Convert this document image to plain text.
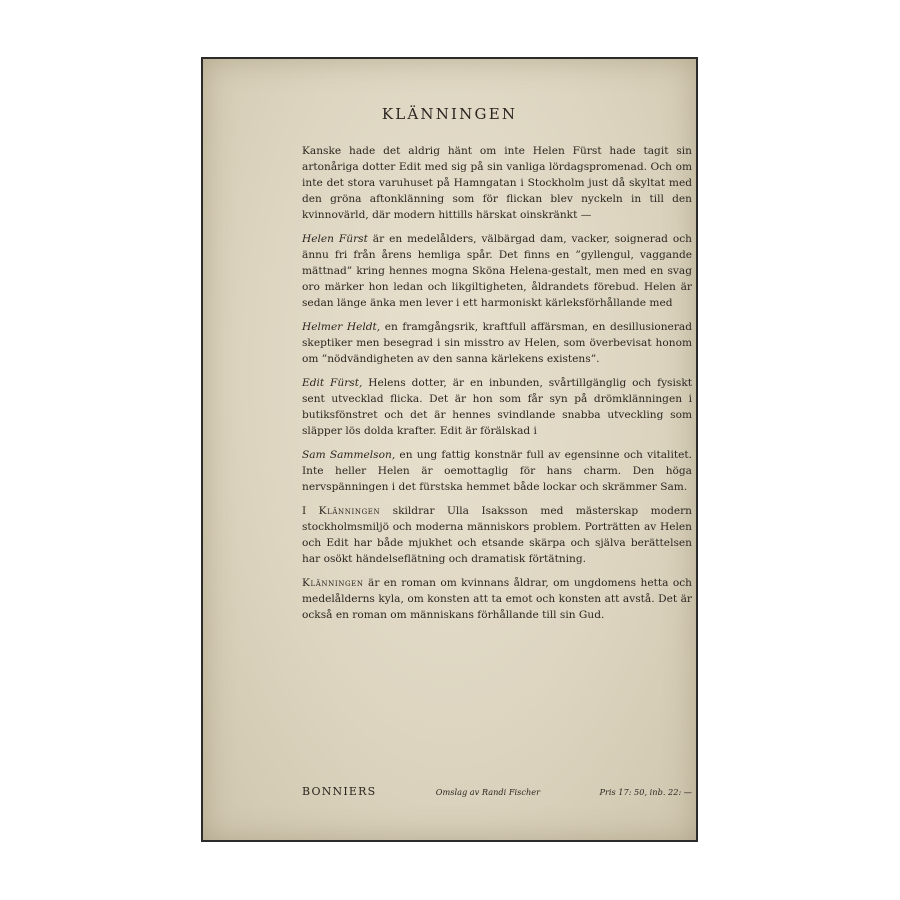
KLÄNNINGEN

Kanske hade det aldrig hänt om inte Helen Fürst hade tagit sin artonåriga dotter Edit med sig på sin vanliga lördagspromenad. Och om inte det stora varuhuset på Hamngatan i Stockholm just då skyltat med den gröna aftonklänning som för flickan blev nyckeln in till den kvinnovärld, där modern hittills härskat oinskränkt —

Helen Fürst är en medelålders, välbärgad dam, vacker, soignerad och ännu fri från årens hemliga spår. Det finns en ”gyllengul, vaggande mättnad” kring hennes mogna Sköna Helena-gestalt, men med en svag oro märker hon ledan och likgiltigheten, åldrandets förebud. Helen är sedan länge änka men lever i ett harmoniskt kärleksförhållande med

Helmer Heldt, en framgångsrik, kraftfull affärsman, en desillusionerad skeptiker men besegrad i sin misstro av Helen, som överbevisat honom om ”nödvändigheten av den sanna kärlekens existens”.

Edit Fürst, Helens dotter, är en inbunden, svårtillgänglig och fysiskt sent utvecklad flicka. Det är hon som får syn på drömklänningen i butiksfönstret och det är hennes svindlande snabba utveckling som släpper lös dolda krafter. Edit är förälskad i

Sam Sammelson, en ung fattig konstnär full av egensinne och vitalitet. Inte heller Helen är oemottaglig för hans charm. Den höga nervspänningen i det fürstska hemmet både lockar och skrämmer Sam.

I Klänningen skildrar Ulla Isaksson med mästerskap modern stockholmsmiljö och moderna människors problem. Porträtten av Helen och Edit har både mjukhet och etsande skärpa och själva berättelsen har osökt händelseflätning och dramatisk förtätning.

Klänningen är en roman om kvinnans åldrar, om ungdomens hetta och medelålderns kyla, om konsten att ta emot och konsten att avstå. Det är också en roman om människans förhållande till sin Gud.

BONNIERS	Omslag av Randi Fischer	Pris 17: 50, inb. 22: —
